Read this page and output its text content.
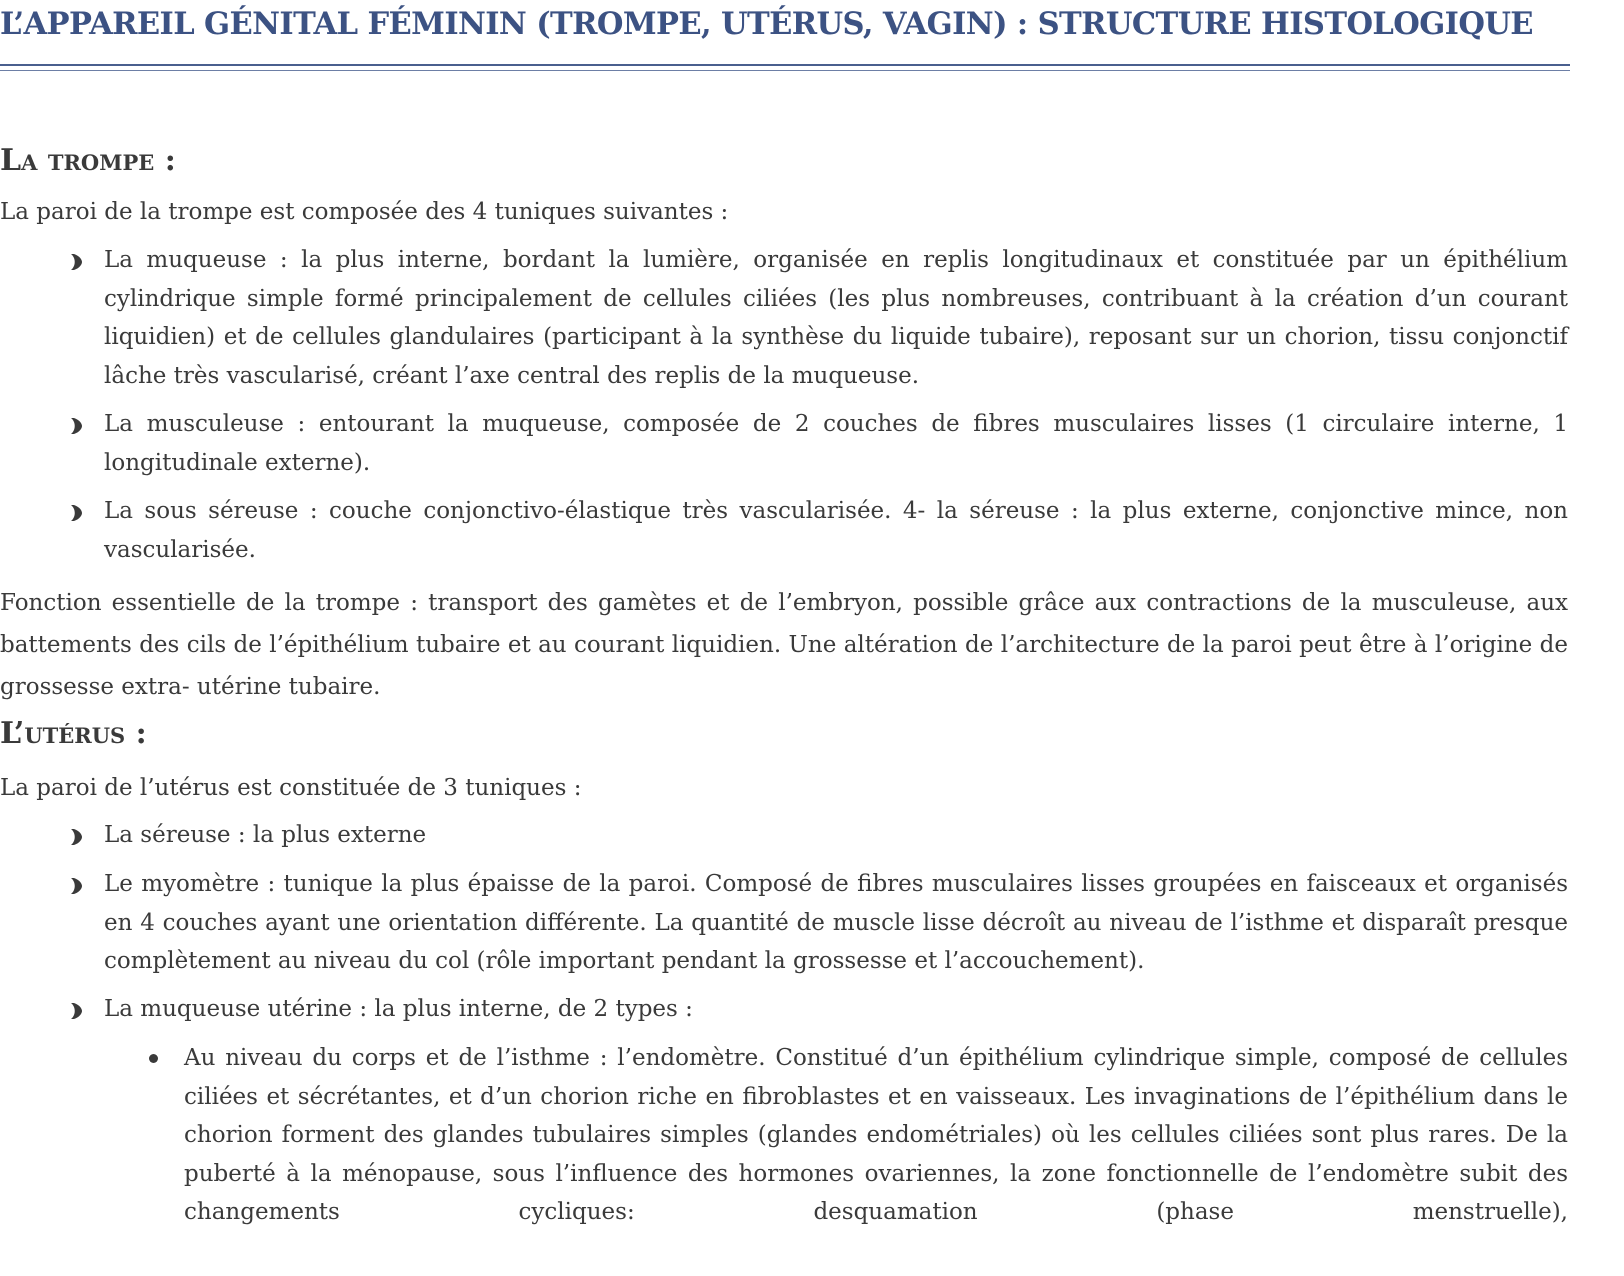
L’APPAREIL GÉNITAL FÉMININ (TROMPE, UTÉRUS, VAGIN) : STRUCTURE HISTOLOGIQUE
La trompe :

La paroi de la trompe est composée des 4 tuniques suivantes :

La muqueuse : la plus interne, bordant la lumière, organisée en replis longitudinaux et constituée par un épithélium cylindrique simple formé principalement de cellules ciliées (les plus nombreuses, contribuant à la création d’un courant liquidien) et de cellules glandulaires (participant à la synthèse du liquide tubaire), reposant sur un chorion, tissu conjonctif lâche très vascularisé, créant l’axe central des replis de la muqueuse.

La musculeuse : entourant la muqueuse, composée de 2 couches de fibres musculaires lisses (1 circulaire interne, 1 longitudinale externe).

La sous séreuse : couche conjonctivo-élastique très vascularisée. 4- la séreuse : la plus externe, conjonctive mince, non vascularisée.

Fonction essentielle de la trompe : transport des gamètes et de l’embryon, possible grâce aux contractions de la musculeuse, aux battements des cils de l’épithélium tubaire et au courant liquidien. Une altération de l’architecture de la paroi peut être à l’origine de grossesse extra- utérine tubaire.

L’utérus :

La paroi de l’utérus est constituée de 3 tuniques :

La séreuse : la plus externe

Le myomètre : tunique la plus épaisse de la paroi. Composé de fibres musculaires lisses groupées en faisceaux et organisés en 4 couches ayant une orientation différente. La quantité de muscle lisse décroît au niveau de l’isthme et disparaît presque complètement au niveau du col (rôle important pendant la grossesse et l’accouchement).

La muqueuse utérine : la plus interne, de 2 types :

Au niveau du corps et de l’isthme : l’endomètre. Constitué d’un épithélium cylindrique simple, composé de cellules ciliées et sécrétantes, et d’un chorion riche en fibroblastes et en vaisseaux. Les invaginations de l’épithélium dans le chorion forment des glandes tubulaires simples (glandes endométriales) où les cellules ciliées sont plus rares. De la puberté à la ménopause, sous l’influence des hormones ovariennes, la zone fonctionnelle de l’endomètre subit des changements cycliques: desquamation (phase menstruelle),
